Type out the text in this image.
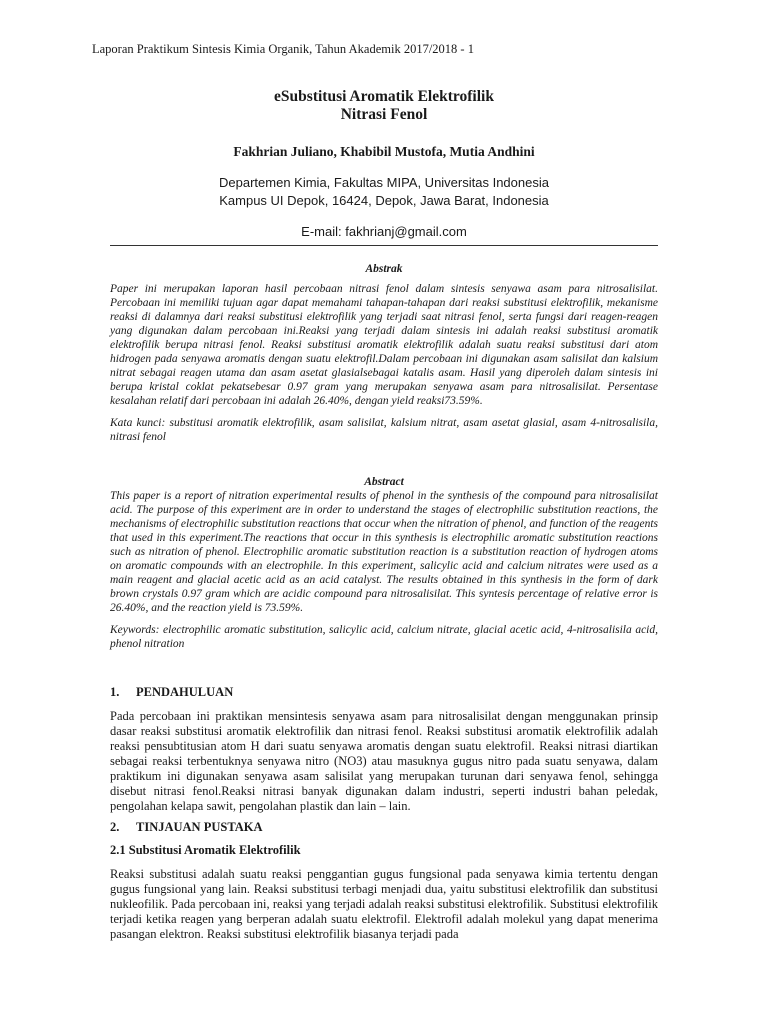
Laporan Praktikum Sintesis Kimia Organik, Tahun Akademik 2017/2018 - 1
eSubstitusi Aromatik Elektrofilik
Nitrasi Fenol
Fakhrian Juliano, Khabibil Mustofa, Mutia Andhini
Departemen Kimia, Fakultas MIPA, Universitas Indonesia
Kampus UI Depok, 16424, Depok, Jawa Barat, Indonesia
E-mail: fakhrianj@gmail.com
Abstrak

Paper ini merupakan laporan hasil percobaan nitrasi fenol dalam sintesis senyawa asam para nitrosalisilat. Percobaan ini memiliki tujuan agar dapat memahami tahapan-tahapan dari reaksi substitusi elektrofilik, mekanisme reaksi di dalamnya dari reaksi substitusi elektrofilik yang terjadi saat nitrasi fenol, serta fungsi dari reagen-reagen yang digunakan dalam percobaan ini.Reaksi yang terjadi dalam sintesis ini adalah reaksi substitusi aromatik elektrofilik berupa nitrasi fenol. Reaksi substitusi aromatik elektrofilik adalah suatu reaksi substitusi dari atom hidrogen pada senyawa aromatis dengan suatu elektrofil.Dalam percobaan ini digunakan asam salisilat dan kalsium nitrat sebagai reagen utama dan asam asetat glasialsebagai katalis asam. Hasil yang diperoleh dalam sintesis ini berupa kristal coklat pekatsebesar 0.97 gram yang merupakan senyawa asam para nitrosalisilat. Persentase kesalahan relatif dari percobaan ini adalah 26.40%, dengan yield reaksi73.59%.

Kata kunci: substitusi aromatik elektrofilik, asam salisilat, kalsium nitrat, asam asetat glasial, asam 4-nitrosalisila, nitrasi fenol

Abstract

This paper is a report of nitration experimental results of phenol in the synthesis of the compound para nitrosalisilat acid. The purpose of this experiment are in order to understand the stages of electrophilic substitution reactions, the mechanisms of electrophilic substitution reactions that occur when the nitration of phenol, and function of the reagents that used in this experiment.The reactions that occur in this synthesis is electrophilic aromatic substitution reactions such as nitration of phenol. Electrophilic aromatic substitution reaction is a substitution reaction of hydrogen atoms on aromatic compounds with an electrophile. In this experiment, salicylic acid and calcium nitrates were used as a main reagent and glacial acetic acid as an acid catalyst. The results obtained in this synthesis in the form of dark brown crystals 0.97 gram which are acidic compound para nitrosalisilat. This syntesis percentage of relative error is 26.40%, and the reaction yield is 73.59%.

Keywords: electrophilic aromatic substitution, salicylic acid, calcium nitrate, glacial acetic acid, 4-nitrosalisila acid, phenol nitration

1. PENDAHULUAN

Pada percobaan ini praktikan mensintesis senyawa asam para nitrosalisilat dengan menggunakan prinsip dasar reaksi substitusi aromatik elektrofilik dan nitrasi fenol. Reaksi substitusi aromatik elektrofilik adalah reaksi pensubtitusian atom H dari suatu senyawa aromatis dengan suatu elektrofil. Reaksi nitrasi diartikan sebagai reaksi terbentuknya senyawa nitro (NO3) atau masuknya gugus nitro pada suatu senyawa, dalam praktikum ini digunakan senyawa asam salisilat yang merupakan turunan dari senyawa fenol, sehingga disebut nitrasi fenol.Reaksi nitrasi banyak digunakan dalam industri, seperti industri bahan peledak, pengolahan kelapa sawit, pengolahan plastik dan lain – lain.

2. TINJAUAN PUSTAKA
2.1 Substitusi Aromatik Elektrofilik

Reaksi substitusi adalah suatu reaksi penggantian gugus fungsional pada senyawa kimia tertentu dengan gugus fungsional yang lain. Reaksi substitusi terbagi menjadi dua, yaitu substitusi elektrofilik dan substitusi nukleofilik. Pada percobaan ini, reaksi yang terjadi adalah reaksi substitusi elektrofilik. Substitusi elektrofilik terjadi ketika reagen yang berperan adalah suatu elektrofil. Elektrofil adalah molekul yang dapat menerima pasangan elektron. Reaksi substitusi elektrofilik biasanya terjadi pada
